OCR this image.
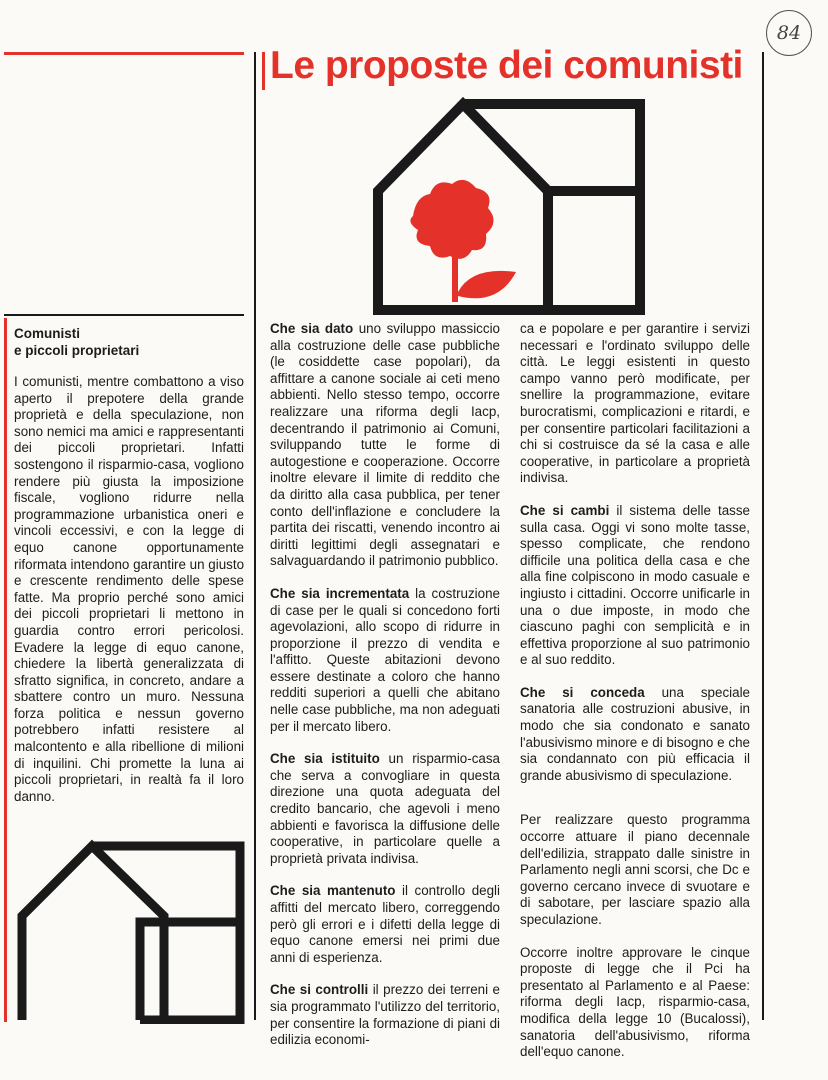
84
Le proposte dei comunisti
Comunisti
e piccoli proprietari

I comunisti, mentre combattono a viso aperto il prepotere della grande proprietà e della speculazione, non sono nemici ma amici e rappresentanti dei piccoli proprietari. Infatti sostengono il risparmio-casa, vogliono rendere più giusta la imposizione fiscale, vogliono ridurre nella programmazione urbanistica oneri e vincoli eccessivi, e con la legge di equo canone opportunamente riformata intendono garantire un giusto e crescente rendimento delle spese fatte. Ma proprio perché sono amici dei piccoli proprietari li mettono in guardia contro errori pericolosi. Evadere la legge di equo canone, chiedere la libertà generalizzata di sfratto significa, in concreto, andare a sbattere contro un muro. Nessuna forza politica e nessun governo potrebbero infatti resistere al malcontento e alla ribellione di milioni di inquilini. Chi promette la luna ai piccoli proprietari, in realtà fa il loro danno.

Che sia dato uno sviluppo massiccio alla costruzione delle case pubbliche (le cosiddette case popolari), da affittare a canone sociale ai ceti meno abbienti. Nello stesso tempo, occorre realizzare una riforma degli Iacp, decentrando il patrimonio ai Comuni, sviluppando tutte le forme di autogestione e cooperazione. Occorre inoltre elevare il limite di reddito che da diritto alla casa pubblica, per tener conto dell'inflazione e concludere la partita dei riscatti, venendo incontro ai diritti legittimi degli assegnatari e salvaguardando il patrimonio pubblico.

Che sia incrementata la costruzione di case per le quali si concedono forti agevolazioni, allo scopo di ridurre in proporzione il prezzo di vendita e l'affitto. Queste abitazioni devono essere destinate a coloro che hanno redditi superiori a quelli che abitano nelle case pubbliche, ma non adeguati per il mercato libero.

Che sia istituito un risparmio-casa che serva a convogliare in questa direzione una quota adeguata del credito bancario, che agevoli i meno abbienti e favorisca la diffusione delle cooperative, in particolare quelle a proprietà privata indivisa.

Che sia mantenuto il controllo degli affitti del mercato libero, correggendo però gli errori e i difetti della legge di equo canone emersi nei primi due anni di esperienza.

Che si controlli il prezzo dei terreni e sia programmato l'utilizzo del territorio, per consentire la formazione di piani di edilizia economi-

ca e popolare e per garantire i servizi necessari e l'ordinato sviluppo delle città. Le leggi esistenti in questo campo vanno però modificate, per snellire la programmazione, evitare burocratismi, complicazioni e ritardi, e per consentire particolari facilitazioni a chi si costruisce da sé la casa e alle cooperative, in particolare a proprietà indivisa.

Che si cambi il sistema delle tasse sulla casa. Oggi vi sono molte tasse, spesso complicate, che rendono difficile una politica della casa e che alla fine colpiscono in modo casuale e ingiusto i cittadini. Occorre unificarle in una o due imposte, in modo che ciascuno paghi con semplicità e in effettiva proporzione al suo patrimonio e al suo reddito.

Che si conceda una speciale sanatoria alle costruzioni abusive, in modo che sia condonato e sanato l'abusivismo minore e di bisogno e che sia condannato con più efficacia il grande abusivismo di speculazione.

Per realizzare questo programma occorre attuare il piano decennale dell'edilizia, strappato dalle sinistre in Parlamento negli anni scorsi, che Dc e governo cercano invece di svuotare e di sabotare, per lasciare spazio alla speculazione.

Occorre inoltre approvare le cinque proposte di legge che il Pci ha presentato al Parlamento e al Paese: riforma degli Iacp, risparmio-casa, modifica della legge 10 (Bucalossi), sanatoria dell'abusivismo, riforma dell'equo canone.
